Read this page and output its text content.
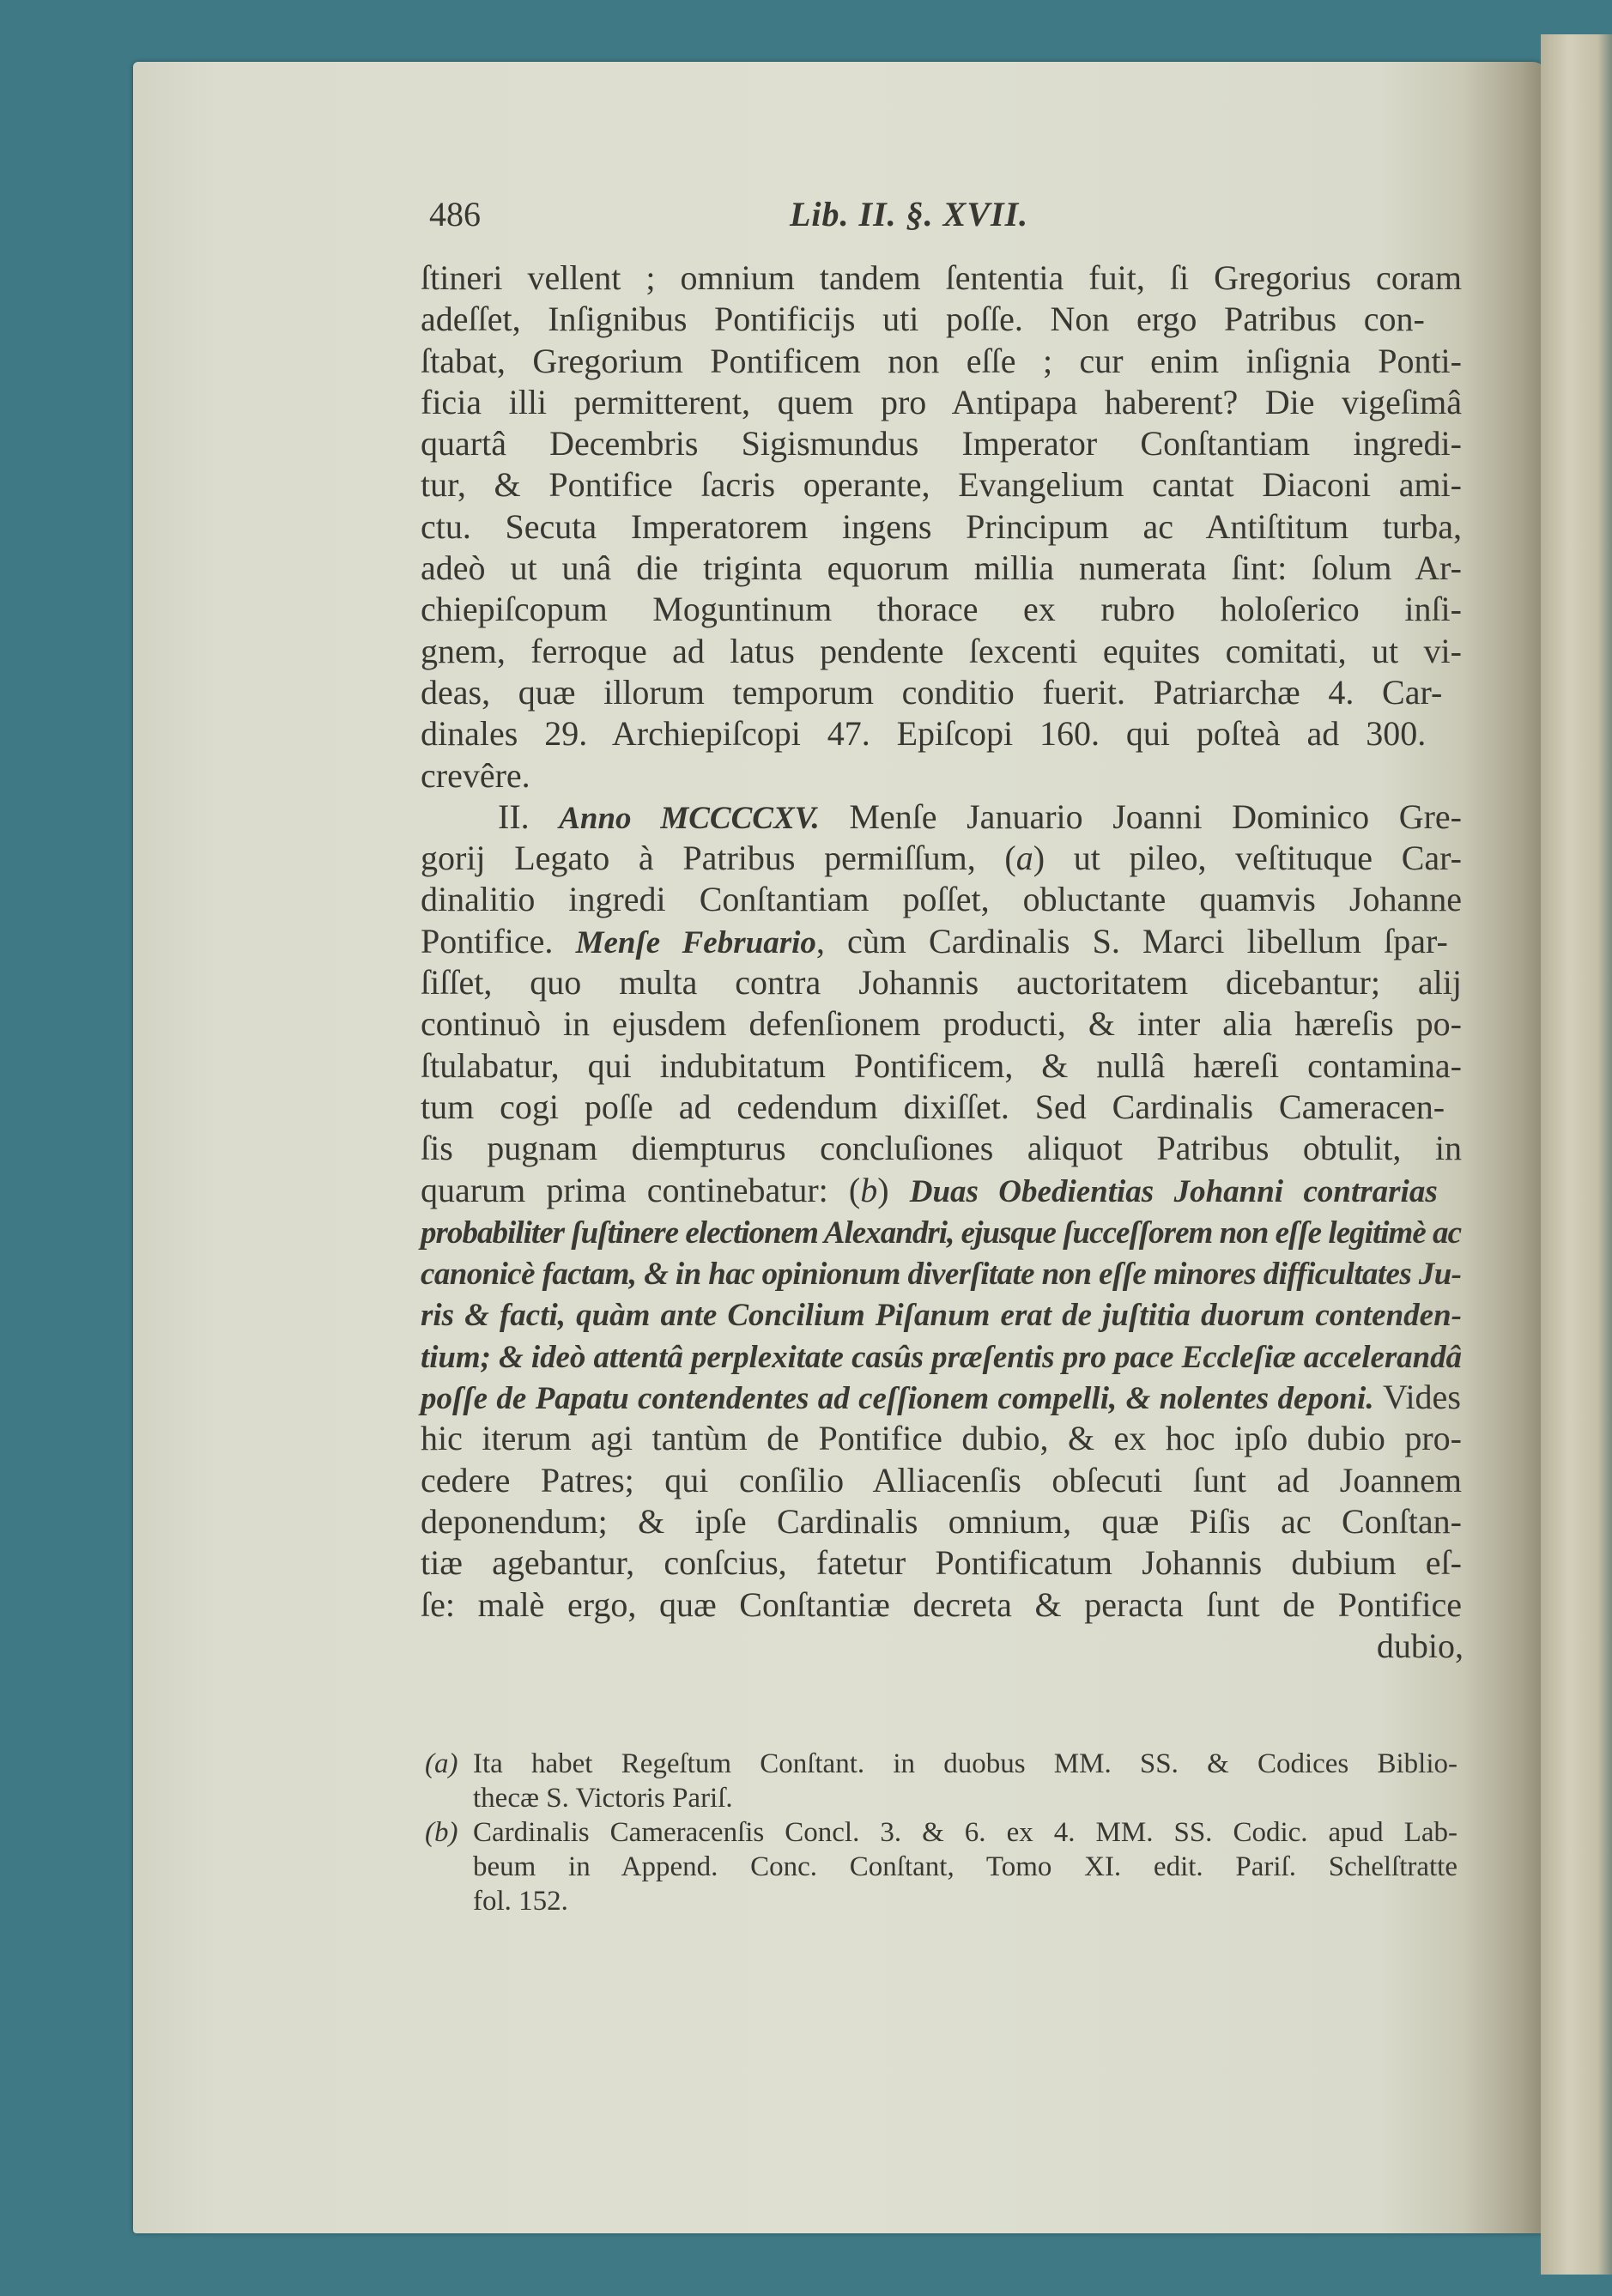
486	Lib. II. §. XVII.
ſtineri vellent ; omnium tandem ſententia fuit, ſi Gregorius coram
adeſſet, Inſignibus Pontificijs uti poſſe. Non ergo Patribus con-
ſtabat, Gregorium Pontificem non eſſe ; cur enim inſignia Ponti-
ficia illi permitterent, quem pro Antipapa haberent? Die vigeſimâ
quartâ Decembris Sigismundus Imperator Conſtantiam ingredi-
tur, & Pontifice ſacris operante, Evangelium cantat Diaconi ami-
ctu. Secuta Imperatorem ingens Principum ac Antiſtitum turba,
adeò ut unâ die triginta equorum millia numerata ſint: ſolum Ar-
chiepiſcopum Moguntinum thorace ex rubro holoſerico inſi-
gnem, ferroque ad latus pendente ſexcenti equites comitati, ut vi-
deas, quæ illorum temporum conditio fuerit. Patriarchæ 4. Car-
dinales 29. Archiepiſcopi 47. Epiſcopi 160. qui poſteà ad 300.
crevêre.
II. Anno MCCCCXV. Menſe Januario Joanni Dominico Gre-
gorij Legato à Patribus permiſſum, (a) ut pileo, veſtituque Car-
dinalitio ingredi Conſtantiam poſſet, obluctante quamvis Johanne
Pontifice. Menſe Februario, cùm Cardinalis S. Marci libellum ſpar-
ſiſſet, quo multa contra Johannis auctoritatem dicebantur; alij
continuò in ejusdem defenſionem producti, & inter alia hæreſis po-
ſtulabatur, qui indubitatum Pontificem, & nullâ hæreſi contamina-
tum cogi poſſe ad cedendum dixiſſet. Sed Cardinalis Cameracen-
ſis pugnam diempturus concluſiones aliquot Patribus obtulit, in
quarum prima continebatur: (b) Duas Obedientias Johanni contrarias
probabiliter ſuſtinere electionem Alexandri, ejusque ſucceſſorem non eſſe legitimè ac
canonicè factam, & in hac opinionum diverſitate non eſſe minores difficultates Ju-
ris & facti, quàm ante Concilium Piſanum erat de juſtitia duorum contenden-
tium; & ideò attentâ perplexitate casûs præſentis pro pace Eccleſiæ accelerandâ
poſſe de Papatu contendentes ad ceſſionem compelli, & nolentes deponi. Vides
hic iterum agi tantùm de Pontifice dubio, & ex hoc ipſo dubio pro-
cedere Patres; qui conſilio Alliacenſis obſecuti ſunt ad Joannem
deponendum; & ipſe Cardinalis omnium, quæ Piſis ac Conſtan-
tiæ agebantur, conſcius, fatetur Pontificatum Johannis dubium eſ-
ſe: malè ergo, quæ Conſtantiæ decreta & peracta ſunt de Pontifice
dubio,
(a) Ita habet Regeſtum Conſtant. in duobus MM. SS. & Codices Biblio-
thecæ S. Victoris Pariſ.
(b) Cardinalis Cameracenſis Concl. 3. & 6. ex 4. MM. SS. Codic. apud Lab-
beum in Append. Conc. Conſtant, Tomo XI. edit. Pariſ. Schelſtratte
fol. 152.
